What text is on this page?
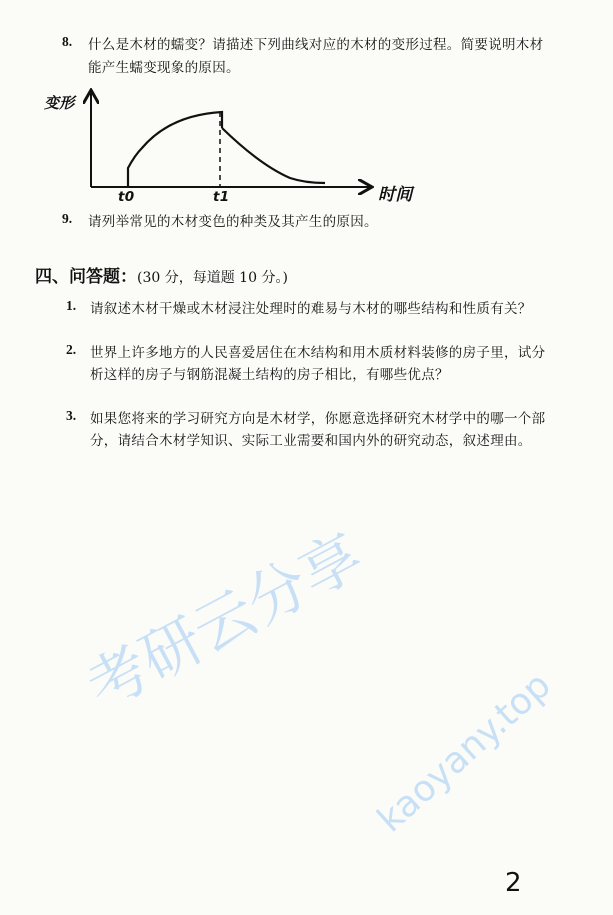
考研云分享
kaoyany.top
8. 什么是木材的蠕变？请描述下列曲线对应的木材的变形过程。简要说明木材
能产生蠕变现象的原因。
变形
时间
t0	t1
9. 请列举常见的木材变色的种类及其产生的原因。
四、问答题：(30 分，每道题 10 分。)
1. 请叙述木材干燥或木材浸注处理时的难易与木材的哪些结构和性质有关？
2. 世界上许多地方的人民喜爱居住在木结构和用木质材料装修的房子里，试分
析这样的房子与钢筋混凝土结构的房子相比，有哪些优点？
3. 如果您将来的学习研究方向是木材学，你愿意选择研究木材学中的哪一个部
分，请结合木材学知识、实际工业需要和国内外的研究动态，叙述理由。
2
